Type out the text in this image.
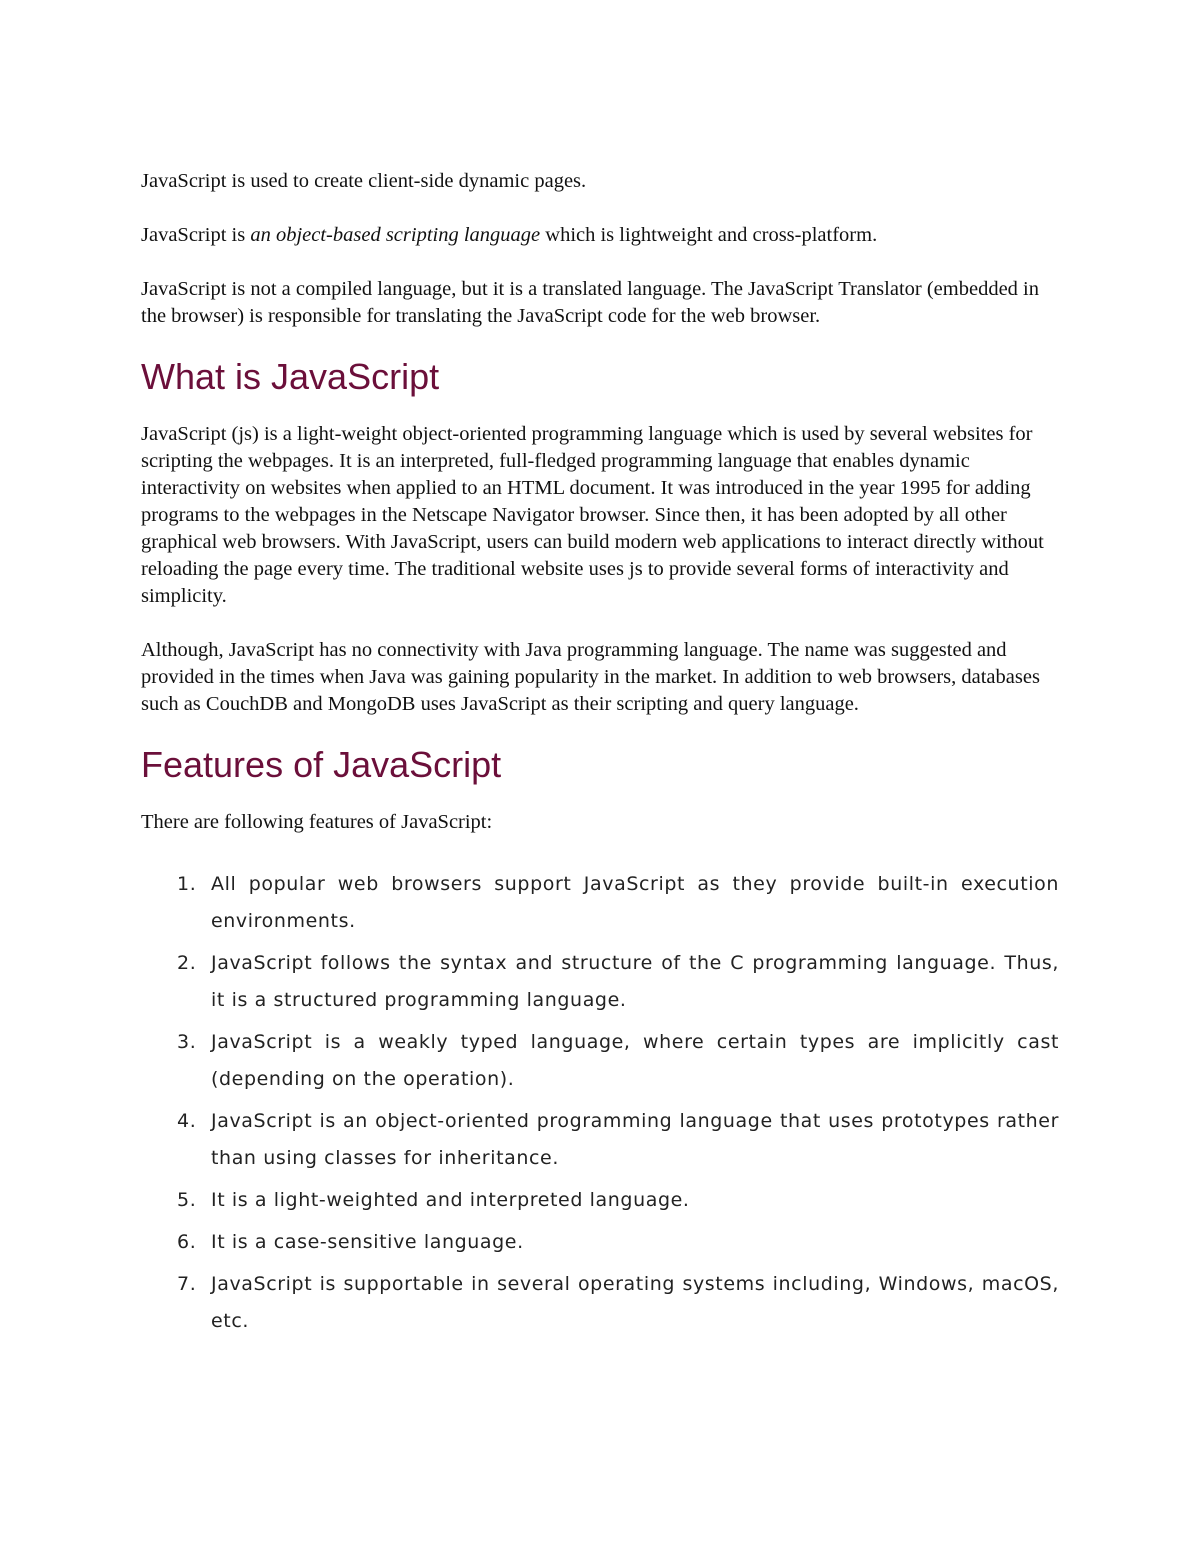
JavaScript is used to create client-side dynamic pages.

JavaScript is an object-based scripting language which is lightweight and cross-platform.

JavaScript is not a compiled language, but it is a translated language. The JavaScript Translator (embedded in the browser) is responsible for translating the JavaScript code for the web browser.

What is JavaScript

JavaScript (js) is a light-weight object-oriented programming language which is used by several websites for scripting the webpages. It is an interpreted, full-fledged programming language that enables dynamic interactivity on websites when applied to an HTML document. It was introduced in the year 1995 for adding programs to the webpages in the Netscape Navigator browser. Since then, it has been adopted by all other graphical web browsers. With JavaScript, users can build modern web applications to interact directly without reloading the page every time. The traditional website uses js to provide several forms of interactivity and simplicity.

Although, JavaScript has no connectivity with Java programming language. The name was suggested and provided in the times when Java was gaining popularity in the market. In addition to web browsers, databases such as CouchDB and MongoDB uses JavaScript as their scripting and query language.

Features of JavaScript

There are following features of JavaScript:

1. All popular web browsers support JavaScript as they provide built-in execution environments.
2. JavaScript follows the syntax and structure of the C programming language. Thus, it is a structured programming language.
3. JavaScript is a weakly typed language, where certain types are implicitly cast (depending on the operation).
4. JavaScript is an object-oriented programming language that uses prototypes rather than using classes for inheritance.
5. It is a light-weighted and interpreted language.
6. It is a case-sensitive language.
7. JavaScript is supportable in several operating systems including, Windows, macOS, etc.
